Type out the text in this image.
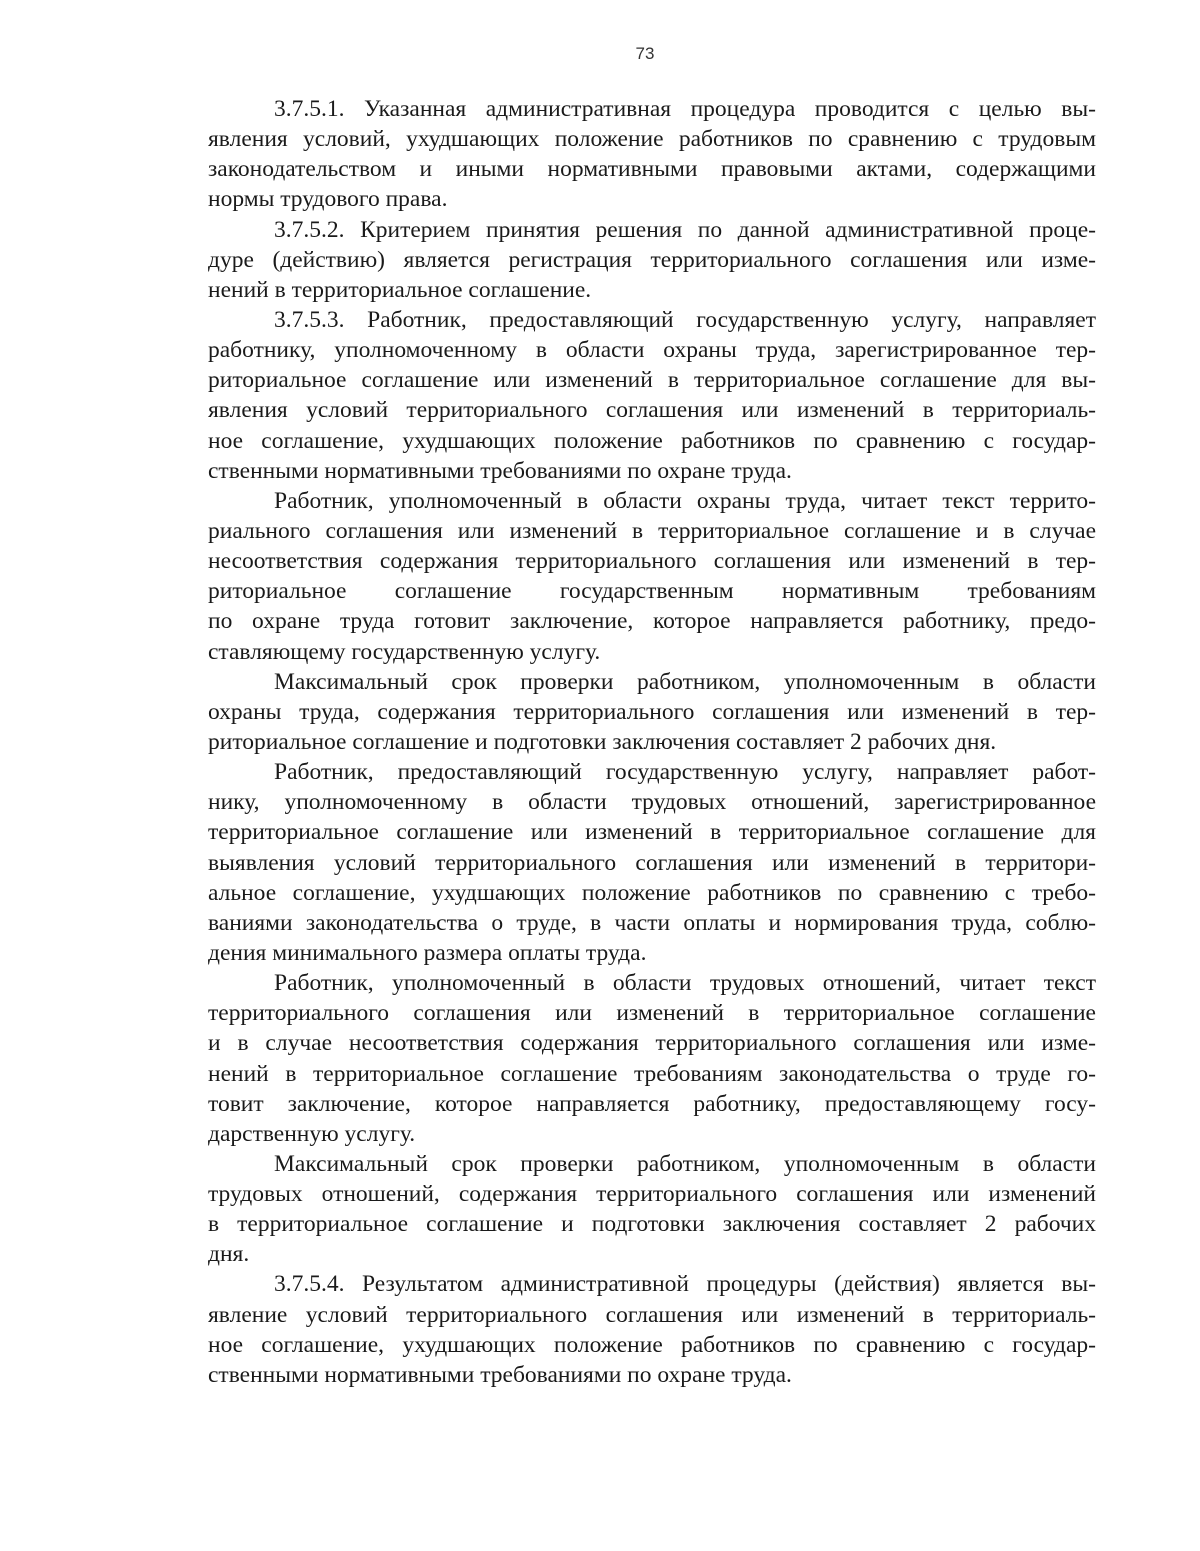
73
3.7.5.1. Указанная административная процедура проводится с целью вы-
явления условий, ухудшающих положение работников по сравнению с трудовым
законодательством и иными нормативными правовыми актами, содержащими
нормы трудового права.
3.7.5.2. Критерием принятия решения по данной административной проце-
дуре (действию) является регистрация территориального соглашения или изме-
нений в территориальное соглашение.
3.7.5.3. Работник, предоставляющий государственную услугу, направляет
работнику, уполномоченному в области охраны труда, зарегистрированное тер-
риториальное соглашение или изменений в территориальное соглашение для вы-
явления условий территориального соглашения или изменений в территориаль-
ное соглашение, ухудшающих положение работников по сравнению с государ-
ственными нормативными требованиями по охране труда.
Работник, уполномоченный в области охраны труда, читает текст террито-
риального соглашения или изменений в территориальное соглашение и в случае
несоответствия содержания территориального соглашения или изменений в тер-
риториальное соглашение государственным нормативным требованиям
по охране труда готовит заключение, которое направляется работнику, предо-
ставляющему государственную услугу.
Максимальный срок проверки работником, уполномоченным в области
охраны труда, содержания территориального соглашения или изменений в тер-
риториальное соглашение и подготовки заключения составляет 2 рабочих дня.
Работник, предоставляющий государственную услугу, направляет работ-
нику, уполномоченному в области трудовых отношений, зарегистрированное
территориальное соглашение или изменений в территориальное соглашение для
выявления условий территориального соглашения или изменений в территори-
альное соглашение, ухудшающих положение работников по сравнению с требо-
ваниями законодательства о труде, в части оплаты и нормирования труда, соблю-
дения минимального размера оплаты труда.
Работник, уполномоченный в области трудовых отношений, читает текст
территориального соглашения или изменений в территориальное соглашение
и в случае несоответствия содержания территориального соглашения или изме-
нений в территориальное соглашение требованиям законодательства о труде го-
товит заключение, которое направляется работнику, предоставляющему госу-
дарственную услугу.
Максимальный срок проверки работником, уполномоченным в области
трудовых отношений, содержания территориального соглашения или изменений
в территориальное соглашение и подготовки заключения составляет 2 рабочих
дня.
3.7.5.4. Результатом административной процедуры (действия) является вы-
явление условий территориального соглашения или изменений в территориаль-
ное соглашение, ухудшающих положение работников по сравнению с государ-
ственными нормативными требованиями по охране труда.
